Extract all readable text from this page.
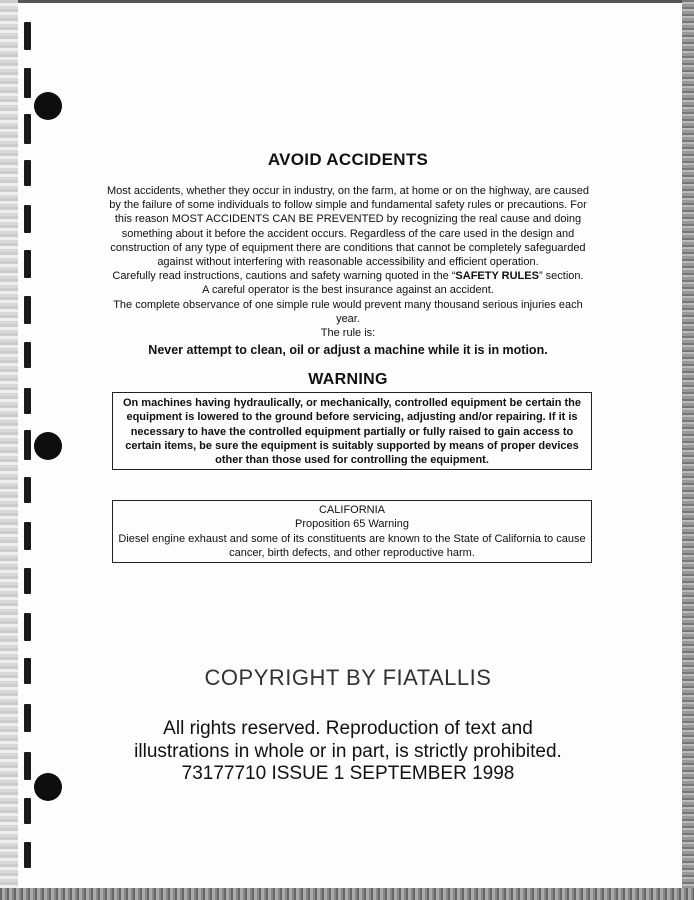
AVOID ACCIDENTS
Most accidents, whether they occur in industry, on the farm, at home or on the highway, are caused by the failure of some individuals to follow simple and fundamental safety rules or precautions. For this reason MOST ACCIDENTS CAN BE PREVENTED by recognizing the real cause and doing something about it before the accident occurs. Regardless of the care used in the design and construction of any type of equipment there are conditions that cannot be completely safeguarded against without interfering with reasonable accessibility and efficient operation.
Carefully read instructions, cautions and safety warning quoted in the “SAFETY RULES” section.
A careful operator is the best insurance against an accident.
The complete observance of one simple rule would prevent many thousand serious injuries each year.
The rule is:
Never attempt to clean, oil or adjust a machine while it is in motion.
WARNING
On machines having hydraulically, or mechanically, controlled equipment be certain the equipment is lowered to the ground before servicing, adjusting and/or repairing. If it is necessary to have the controlled equipment partially or fully raised to gain access to certain items, be sure the equipment is suitably supported by means of proper devices other than those used for controlling the equipment.
CALIFORNIA
Proposition 65 Warning
Diesel engine exhaust and some of its constituents are known to the State of California to cause cancer, birth defects, and other reproductive harm.
COPYRIGHT BY FIATALLIS
All rights reserved. Reproduction of text and
illustrations in whole or in part, is strictly prohibited.
73177710 ISSUE 1 SEPTEMBER 1998
